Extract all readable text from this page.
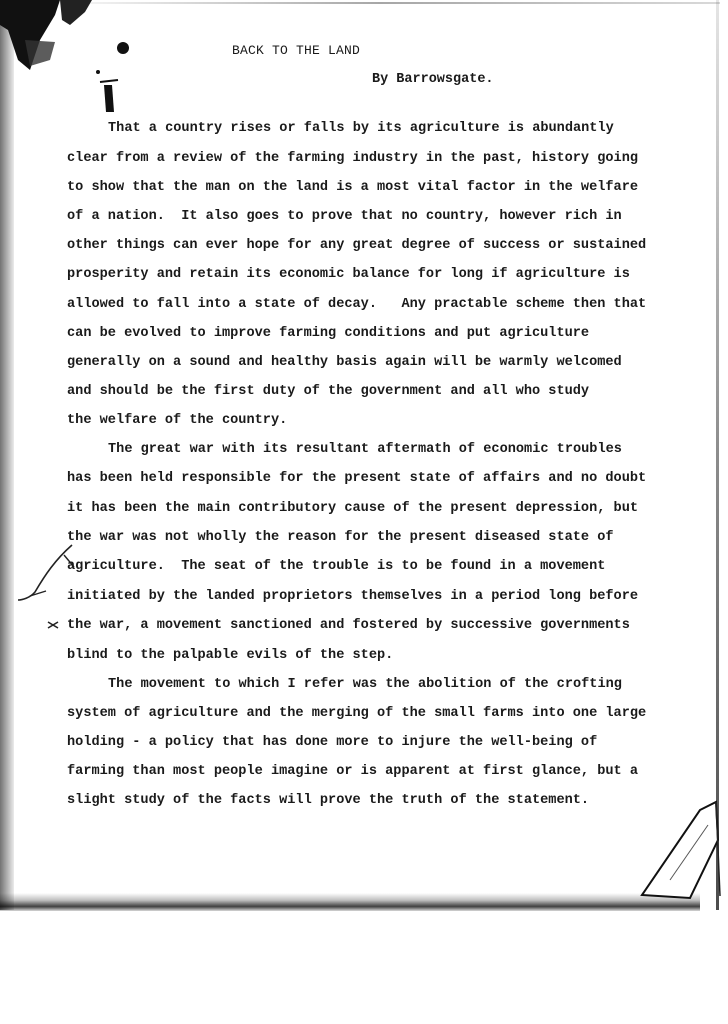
BACK TO THE LAND
By Barrowsgate.
That a country rises or falls by its agriculture is abundantly
clear from a review of the farming industry in the past, history going
to show that the man on the land is a most vital factor in the welfare
of a nation.  It also goes to prove that no country, however rich in
other things can ever hope for any great degree of success or sustained
prosperity and retain its economic balance for long if agriculture is
allowed to fall into a state of decay.   Any practable scheme then that
can be evolved to improve farming conditions and put agriculture
generally on a sound and healthy basis again will be warmly welcomed
and should be the first duty of the government and all who study
the welfare of the country.
The great war with its resultant aftermath of economic troubles
has been held responsible for the present state of affairs and no doubt
it has been the main contributory cause of the present depression, but
the war was not wholly the reason for the present diseased state of
agriculture.  The seat of the trouble is to be found in a movement
initiated by the landed proprietors themselves in a period long before
the war, a movement sanctioned and fostered by successive governments
blind to the palpable evils of the step.
The movement to which I refer was the abolition of the crofting
system of agriculture and the merging of the small farms into one large
holding - a policy that has done more to injure the well-being of
farming than most people imagine or is apparent at first glance, but a
slight study of the facts will prove the truth of the statement.
